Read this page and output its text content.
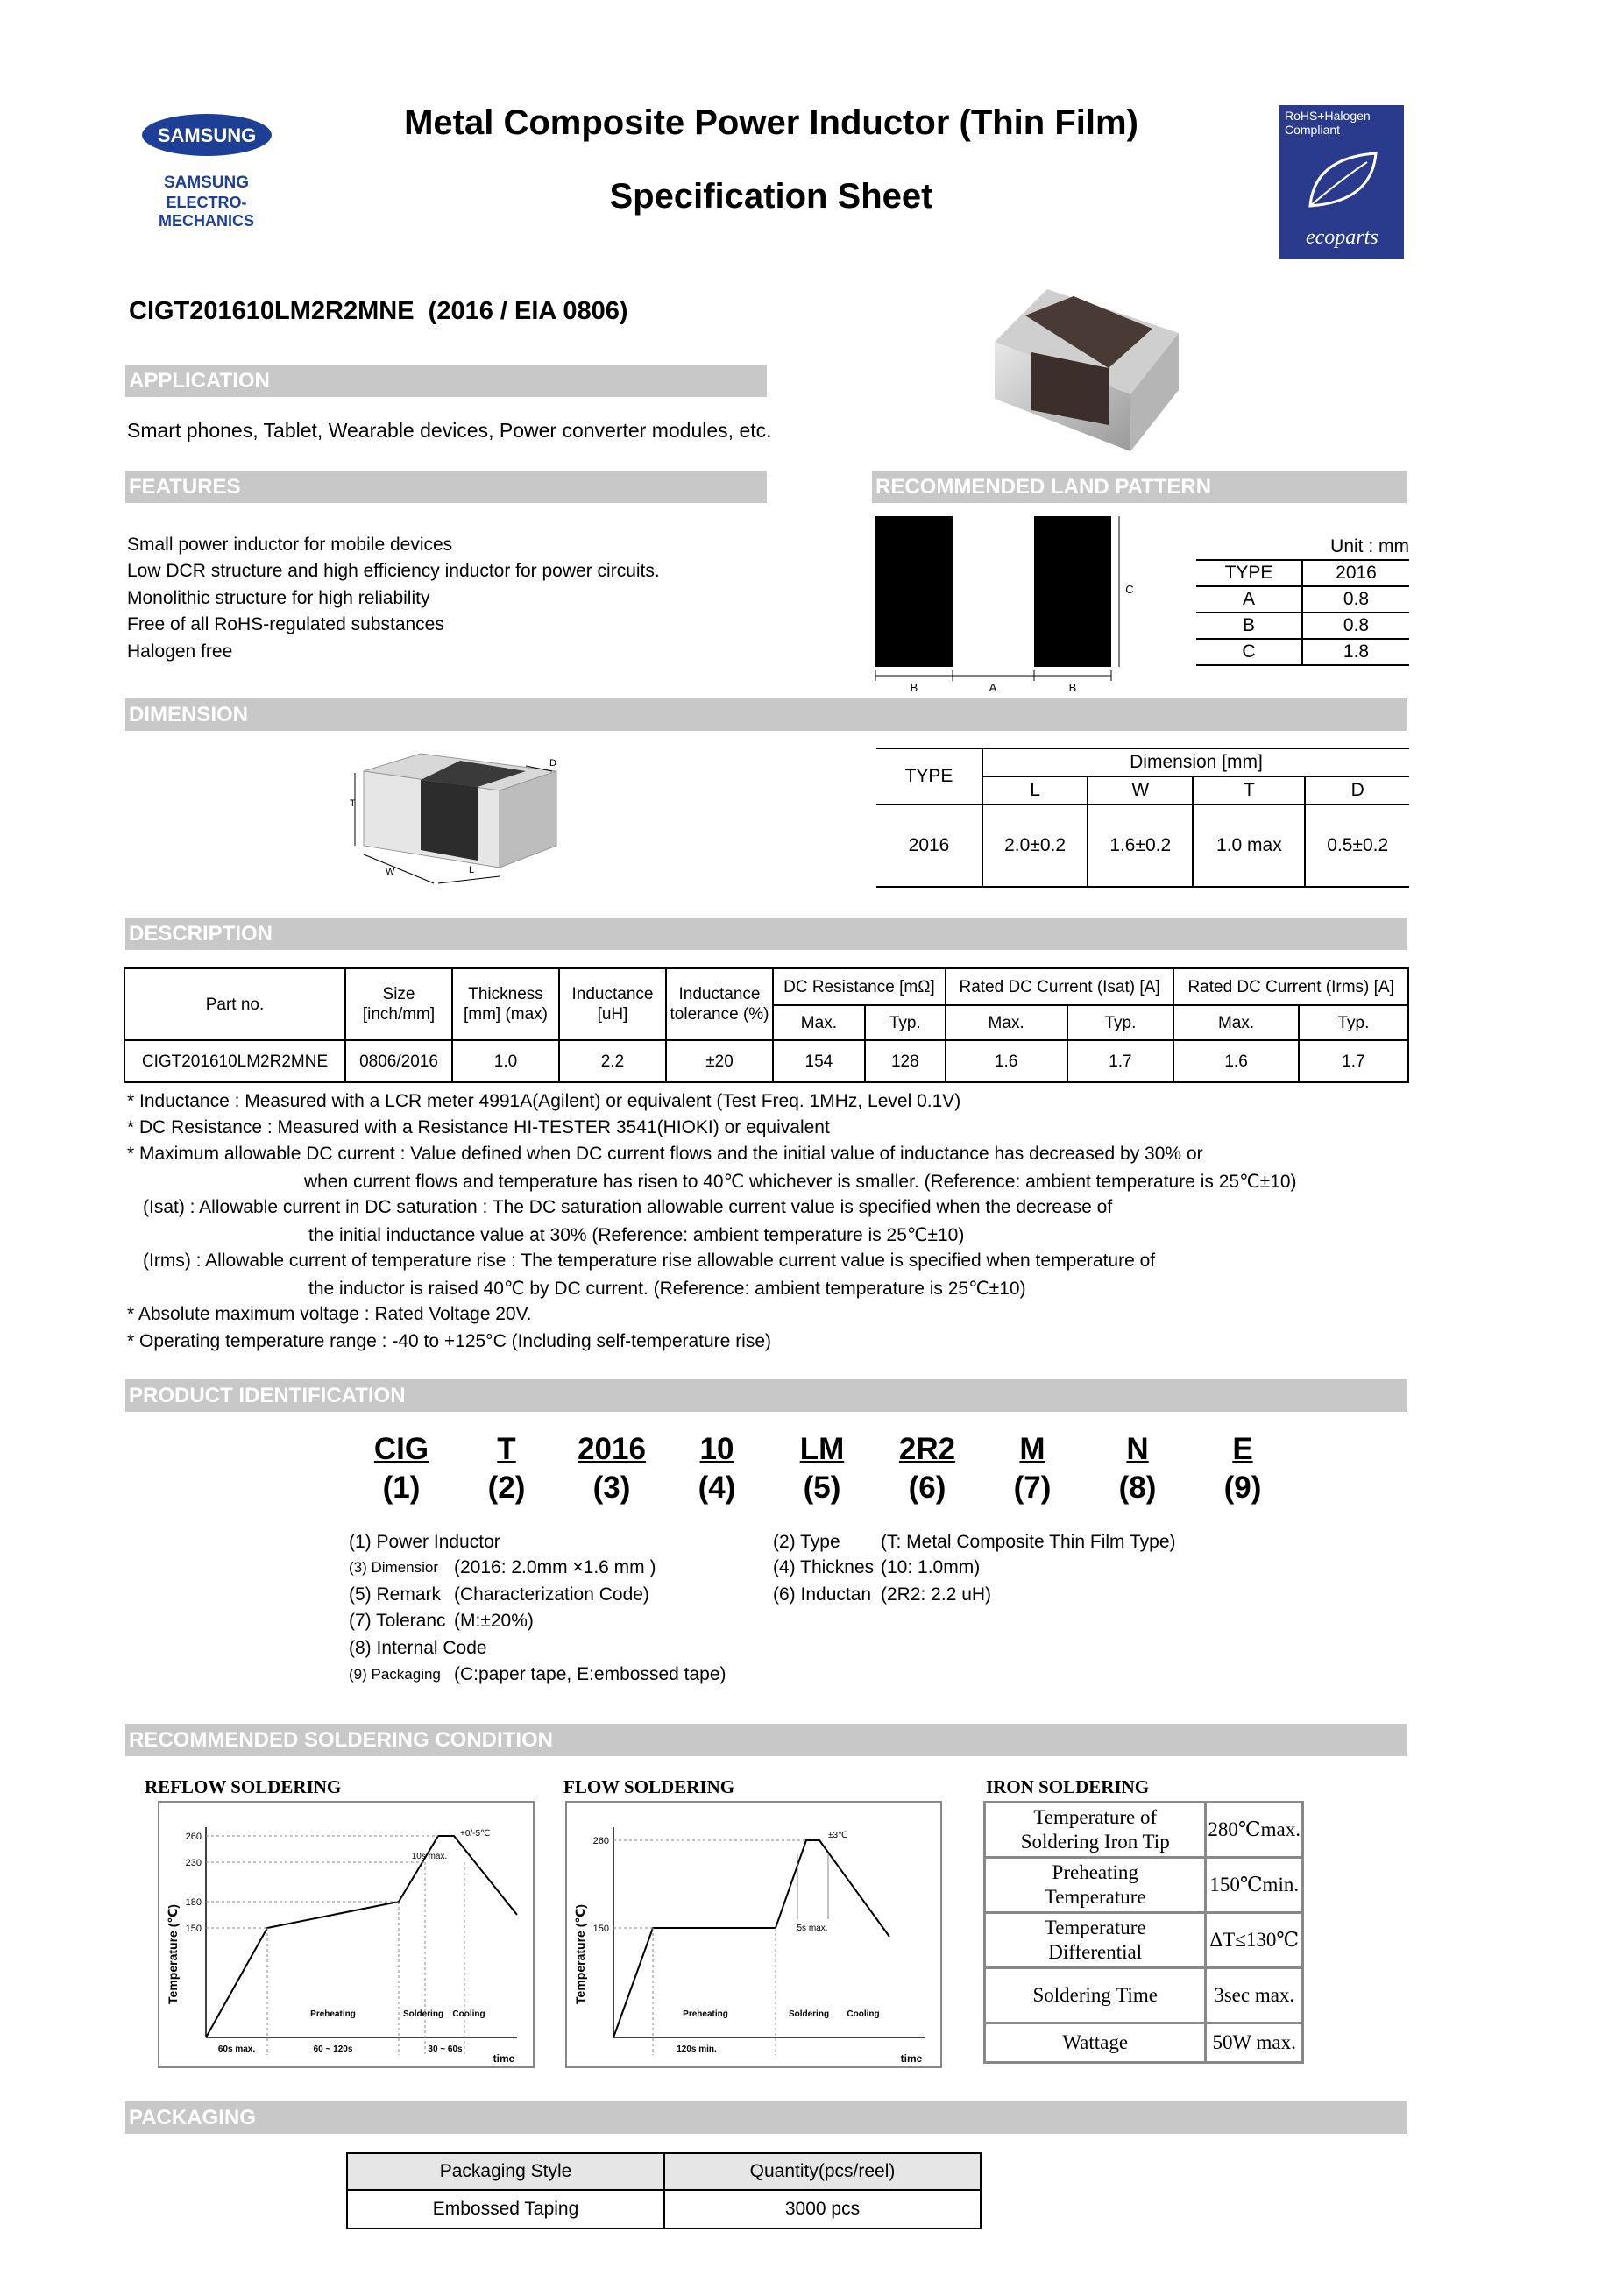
SAMSUNG
SAMSUNG
ELECTRO-MECHANICS
Metal Composite Power Inductor (Thin Film)
Specification Sheet
RoHS+Halogen
Compliant
ecoparts
CIGT201610LM2R2MNE  (2016 / EIA 0806)
APPLICATION
Smart phones, Tablet, Wearable devices, Power converter modules, etc.
FEATURES
Small power inductor for mobile devices
Low DCR structure and high efficiency inductor for power circuits.
Monolithic structure for high reliability
Free of all RoHS-regulated substances
Halogen free
RECOMMENDED LAND PATTERN
B	A	B
C
Unit : mm	
TYPE	2016
A	0.8
B	0.8
C	1.8
DIMENSION
T
W	L
D
TYPE	Dimension [mm]			
	L	W	T	D
2016	2.0±0.2	1.6±0.2	1.0 max	0.5±0.2
DESCRIPTION
Part no.	Size [inch/mm]	Thickness [mm] (max)	Inductance [uH]	Inductance tolerance (%)	DC Resistance [mΩ]		Rated DC Current (Isat) [A]		Rated DC Current (Irms) [A]	
					Max.	Typ.	Max.	Typ.	Max.	Typ.
CIGT201610LM2R2MNE	0806/2016	1.0	2.2	±20	154	128	1.6	1.7	1.6	1.7
* Inductance : Measured with a LCR meter 4991A(Agilent) or equivalent (Test Freq. 1MHz, Level 0.1V)
* DC Resistance : Measured with a Resistance HI-TESTER 3541(HIOKI) or equivalent
* Maximum allowable DC current : Value defined when DC current flows and the initial value of inductance has decreased by 30% or
when current flows and temperature has risen to 40℃ whichever is smaller. (Reference: ambient temperature is 25℃±10)
(Isat) : Allowable current in DC saturation : The DC saturation allowable current value is specified when the decrease of
the initial inductance value at 30% (Reference: ambient temperature is 25℃±10)
(Irms) : Allowable current of temperature rise : The temperature rise allowable current value is specified when temperature of
the inductor is raised 40℃ by DC current. (Reference: ambient temperature is 25℃±10)
* Absolute maximum voltage : Rated Voltage 20V.
* Operating temperature range : -40 to +125°C (Including self-temperature rise)
PRODUCT IDENTIFICATION
CIG	T	2016	10	LM	2R2	M	N	E
(1)	(2)	(3)	(4)	(5)	(6)	(7)	(8)	(9)
(1) Power Inductor
(3) Dimensior (2016: 2.0mm ×1.6 mm )
(5) Remark (Characterization Code)
(7) Toleranc (M:±20%)
(8) Internal Code
(9) Packaging (C:paper tape, E:embossed tape)
(2) Type (T: Metal Composite Thin Film Type)
(4) Thicknes (10: 1.0mm)
(6) Inductan (2R2: 2.2 uH)
RECOMMENDED SOLDERING CONDITION
REFLOW SOLDERING
Temperature (℃)
260
230
180
150
+0/-5℃
10s max.
Preheating	Soldering Cooling
60s max.	60 ~ 120s	30 ~ 60s
time
FLOW SOLDERING
Temperature (℃)
260
150
±3℃
5s max.
Preheating	Soldering Cooling
120s min.
time
IRON SOLDERING
Temperature of Soldering Iron Tip	280℃max.
Preheating Temperature	150℃min.
Temperature Differential	ΔT≤130℃
Soldering Time	3sec max.
Wattage	50W max.
PACKAGING
Packaging Style	Quantity(pcs/reel)
Embossed Taping	3000 pcs
